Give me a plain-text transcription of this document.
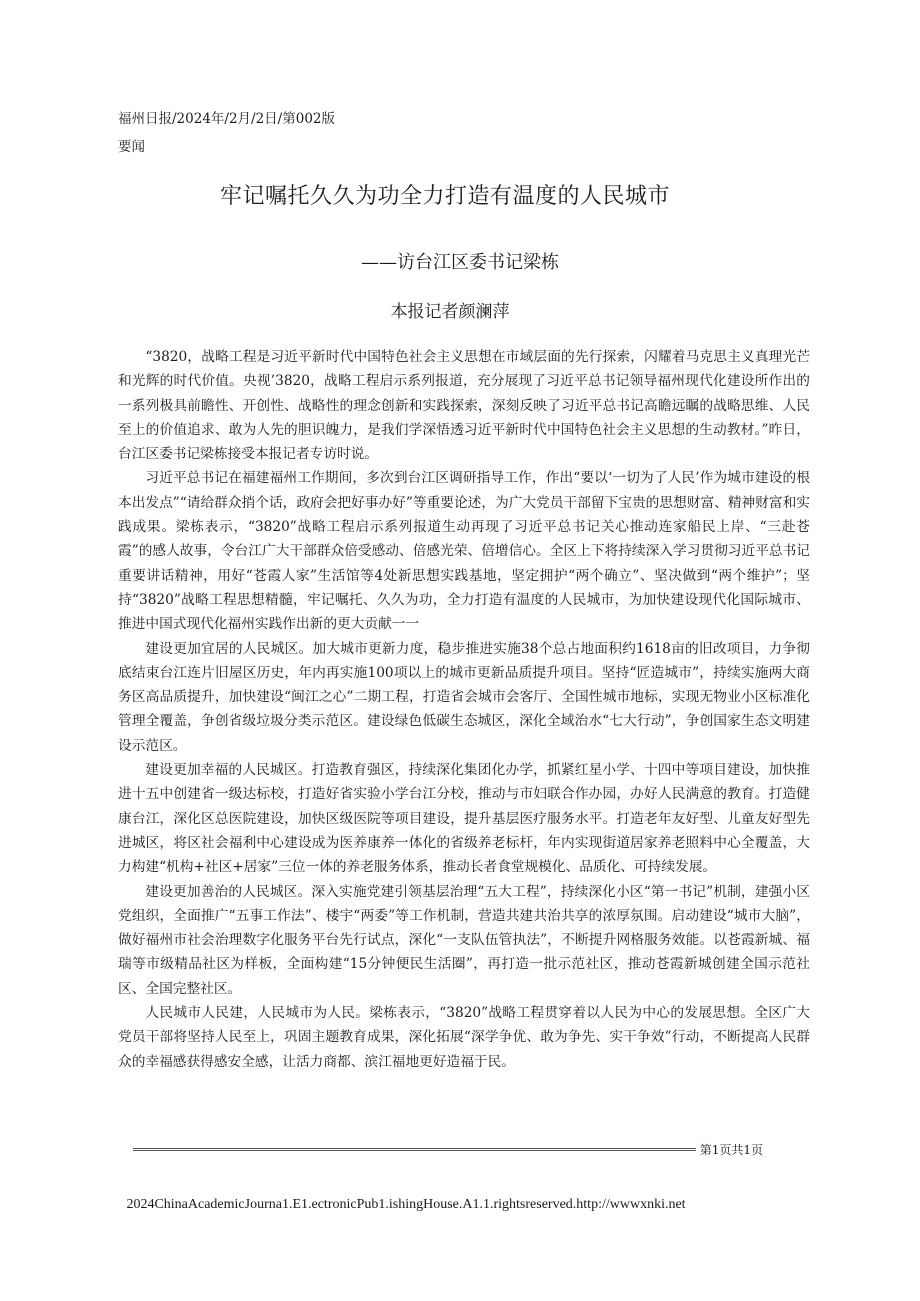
福州日报/2024年/2月/2日/第002版
要闻
牢记嘱托久久为功全力打造有温度的人民城市
——访台江区委书记梁栋
本报记者颜澜萍

“3820，战略工程是习近平新时代中国特色社会主义思想在市域层面的先行探索，闪耀着马克思主义真理光芒和光辉的时代价值。央视’3820，战略工程启示系列报道，充分展现了习近平总书记领导福州现代化建设所作出的一系列极具前瞻性、开创性、战略性的理念创新和实践探索，深刻反映了习近平总书记高瞻远瞩的战略思维、人民至上的价值追求、敢为人先的胆识魄力，是我们学深悟透习近平新时代中国特色社会主义思想的生动教材。”昨日，台江区委书记梁栋接受本报记者专访时说。

习近平总书记在福建福州工作期间，多次到台江区调研指导工作，作出“要以‘一切为了人民’作为城市建设的根本出发点”“请给群众捎个话，政府会把好事办好”等重要论述，为广大党员干部留下宝贵的思想财富、精神财富和实践成果。梁栋表示，“3820”战略工程启示系列报道生动再现了习近平总书记关心推动连家船民上岸、“三赴苍霞”的感人故事，令台江广大干部群众倍受感动、倍感光荣、倍增信心。全区上下将持续深入学习贯彻习近平总书记重要讲话精神，用好“苍霞人家”生活馆等4处新思想实践基地，坚定拥护“两个确立”、坚决做到“两个维护”；坚持“3820”战略工程思想精髓，牢记嘱托、久久为功，全力打造有温度的人民城市，为加快建设现代化国际城市、推进中国式现代化福州实践作出新的更大贡献一一

建设更加宜居的人民城区。加大城市更新力度，稳步推进实施38个总占地面积约1618亩的旧改项目，力争彻底结束台江连片旧屋区历史，年内再实施100项以上的城市更新品质提升项目。坚持“匠造城市”，持续实施两大商务区高品质提升，加快建设“闽江之心”二期工程，打造省会城市会客厅、全国性城市地标，实现无物业小区标准化管理全覆盖，争创省级垃圾分类示范区。建设绿色低碳生态城区，深化全域治水“七大行动”，争创国家生态文明建设示范区。

建设更加幸福的人民城区。打造教育强区，持续深化集团化办学，抓紧红星小学、十四中等项目建设，加快推进十五中创建省一级达标校，打造好省实验小学台江分校，推动与市妇联合作办园，办好人民满意的教育。打造健康台江，深化区总医院建设，加快区级医院等项目建设，提升基层医疗服务水平。打造老年友好型、儿童友好型先进城区，将区社会福利中心建设成为医养康养一体化的省级养老标杆，年内实现街道居家养老照料中心全覆盖，大力构建“机构+社区+居家”三位一体的养老服务体系，推动长者食堂规模化、品质化、可持续发展。

建设更加善治的人民城区。深入实施党建引领基层治理“五大工程”，持续深化小区“第一书记”机制，建强小区党组织，全面推广“五事工作法”、楼宇“两委”等工作机制，营造共建共治共享的浓厚氛围。启动建设“城市大脑”，做好福州市社会治理数字化服务平台先行试点，深化“一支队伍管执法”，不断提升网格服务效能。以苍霞新城、福瑞等市级精品社区为样板，全面构建“15分钟便民生活圈”，再打造一批示范社区，推动苍霞新城创建全国示范社区、全国完整社区。

人民城市人民建，人民城市为人民。梁栋表示，“3820”战略工程贯穿着以人民为中心的发展思想。全区广大党员干部将坚持人民至上，巩固主题教育成果，深化拓展“深学争优、敢为争先、实干争效”行动，不断提高人民群众的幸福感获得感安全感，让活力商都、滨江福地更好造福于民。

第1页共1页
2024ChinaAcademicJourna1.E1.ectronicPub1.ishingHouse.A1.1.rightsreserved.http://wwwxnki.net
